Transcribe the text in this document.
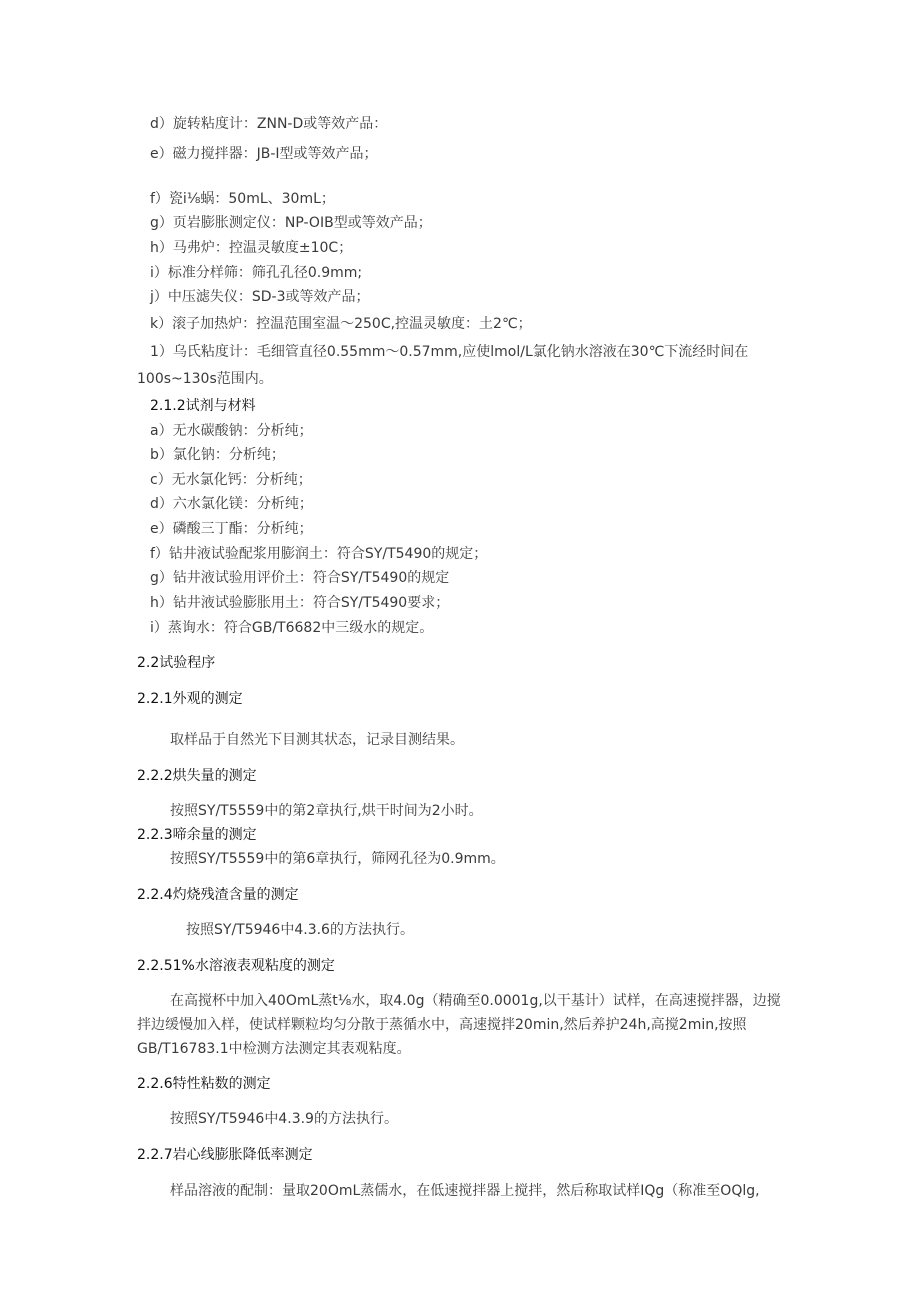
d）旋转粘度计：ZNN-D或等效产品：
e）磁力搅拌器：JB-I型或等效产品；
f）瓷i⅛蜗：50mL、30mL；
g）页岩膨胀测定仪：NP-OIB型或等效产品；
h）马弗炉：控温灵敏度±10C；
i）标准分样筛：筛孔孔径0.9mm;
j）中压滤失仪：SD-3或等效产品；
k）滚子加热炉：控温范围室温〜250C,控温灵敏度：土2℃；
1）乌氏粘度计：毛细管直径0.55mm～0.57mm,应使lmol∕L氯化钠水溶液在30℃下流经时间在
100s~130s范围内。
2.1.2试剂与材料
a）无水碳酸钠：分析纯；
b）氯化钠：分析纯；
c）无水氯化钙：分析纯；
d）六水氯化镁：分析纯；
e）磷酸三丁酯：分析纯；
f）钻井液试验配浆用膨润土：符合SY/T5490的规定；
g）钻井液试验用评价土：符合SY/T5490的规定
h）钻井液试验膨胀用土：符合SY/T5490要求；
i）蒸询水：符合GB/T6682中三级水的规定。
2.2试验程序
2.2.1外观的测定
取样品于自然光下目测其状态，记录目测结果。
2.2.2烘失量的测定
按照SY/T5559中的第2章执行,烘干时间为2小时。
2.2.3啼余量的测定
按照SY/T5559中的第6章执行，筛网孔径为0.9mm。
2.2.4灼烧残渣含量的测定
按照SY/T5946中4.3.6的方法执行。
2.2.51%水溶液表观粘度的测定
在高搅杯中加入40OmL蒸t⅛水，取4.0g（精确至0.0001g,以干基计）试样，在高速搅拌器，边搅
拌边缓慢加入样，使试样颗粒均匀分散于蒸循水中，高速搅拌20min,然后养护24h,高搅2min,按照
GB/T16783.1中检测方法测定其表观粘度。
2.2.6特性粘数的测定
按照SY/T5946中4.3.9的方法执行。
2.2.7岩心线膨胀降低率测定
样品溶液的配制：量取20OmL蒸儒水，在低速搅拌器上搅拌，然后称取试样IQg（称准至OQlg,
